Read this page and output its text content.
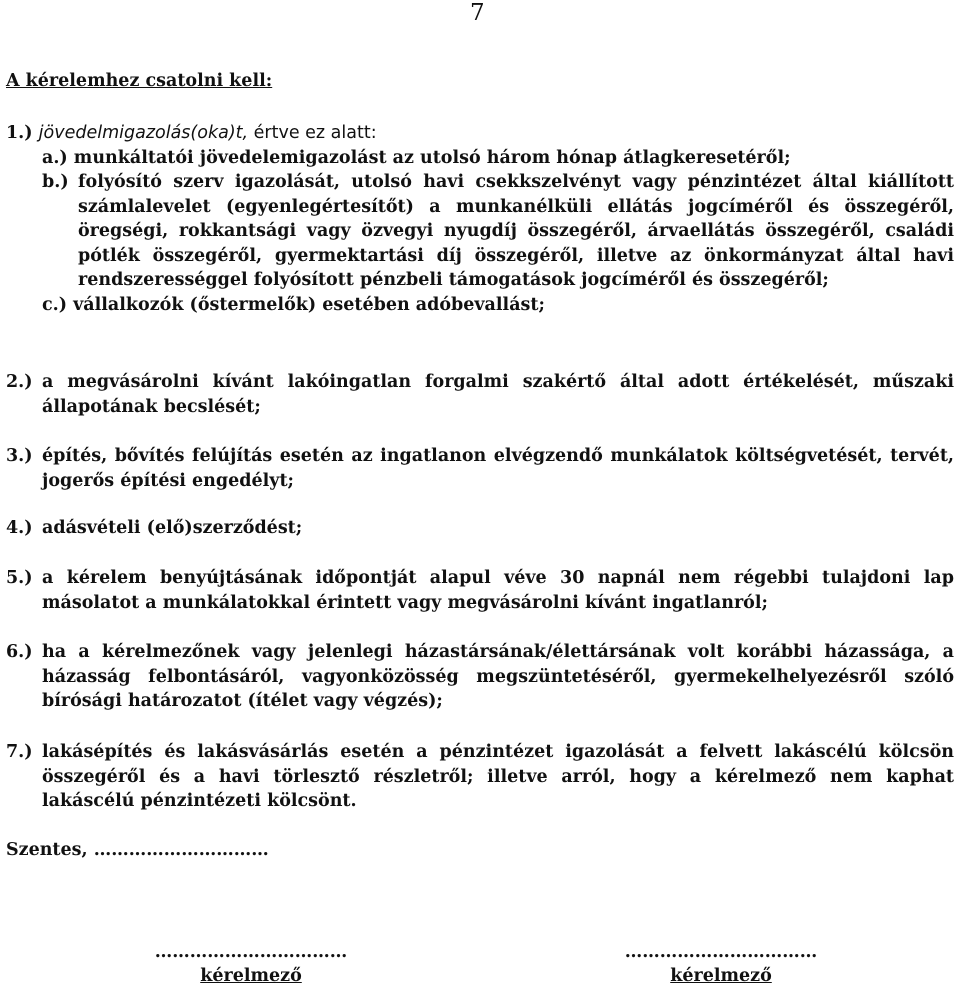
7
A kérelemhez csatolni kell:
1.) jövedelmigazolás(oka)t, értve ez alatt:
a.) munkáltatói jövedelemigazolást az utolsó három hónap átlagkeresetéről;
b.) folyósító szerv igazolását, utolsó havi csekkszelvényt vagy pénzintézet által kiállított számlalevelet (egyenlegértesítőt) a munkanélküli ellátás jogcíméről és összegéről, öregségi, rokkantsági vagy özvegyi nyugdíj összegéről, árvaellátás összegéről, családi pótlék összegéről, gyermektartási díj összegéről, illetve az önkormányzat által havi rendszerességgel folyósított pénzbeli támogatások jogcíméről és összegéről;
c.) vállalkozók (őstermelők) esetében adóbevallást;
2.) a megvásárolni kívánt lakóingatlan forgalmi szakértő által adott értékelését, műszaki állapotának becslését;
3.) építés, bővítés felújítás esetén az ingatlanon elvégzendő munkálatok költségvetését, tervét, jogerős építési engedélyt;
4.) adásvételi (elő)szerződést;
5.) a kérelem benyújtásának időpontját alapul véve 30 napnál nem régebbi tulajdoni lap másolatot a munkálatokkal érintett vagy megvásárolni kívánt ingatlanról;
6.) ha a kérelmezőnek vagy jelenlegi házastársának/élettársának volt korábbi házassága, a házasság felbontásáról, vagyonközösség megszüntetéséről, gyermekelhelyezésről szóló bírósági határozatot (ítélet vagy végzés);
7.) lakásépítés és lakásvásárlás esetén a pénzintézet igazolását a felvett lakáscélú kölcsön összegéről és a havi törlesztő részletről; illetve arról, hogy a kérelmező nem kaphat lakáscélú pénzintézeti kölcsönt.
Szentes, …………………………
……………………………
kérelmező
……………………………
kérelmező
